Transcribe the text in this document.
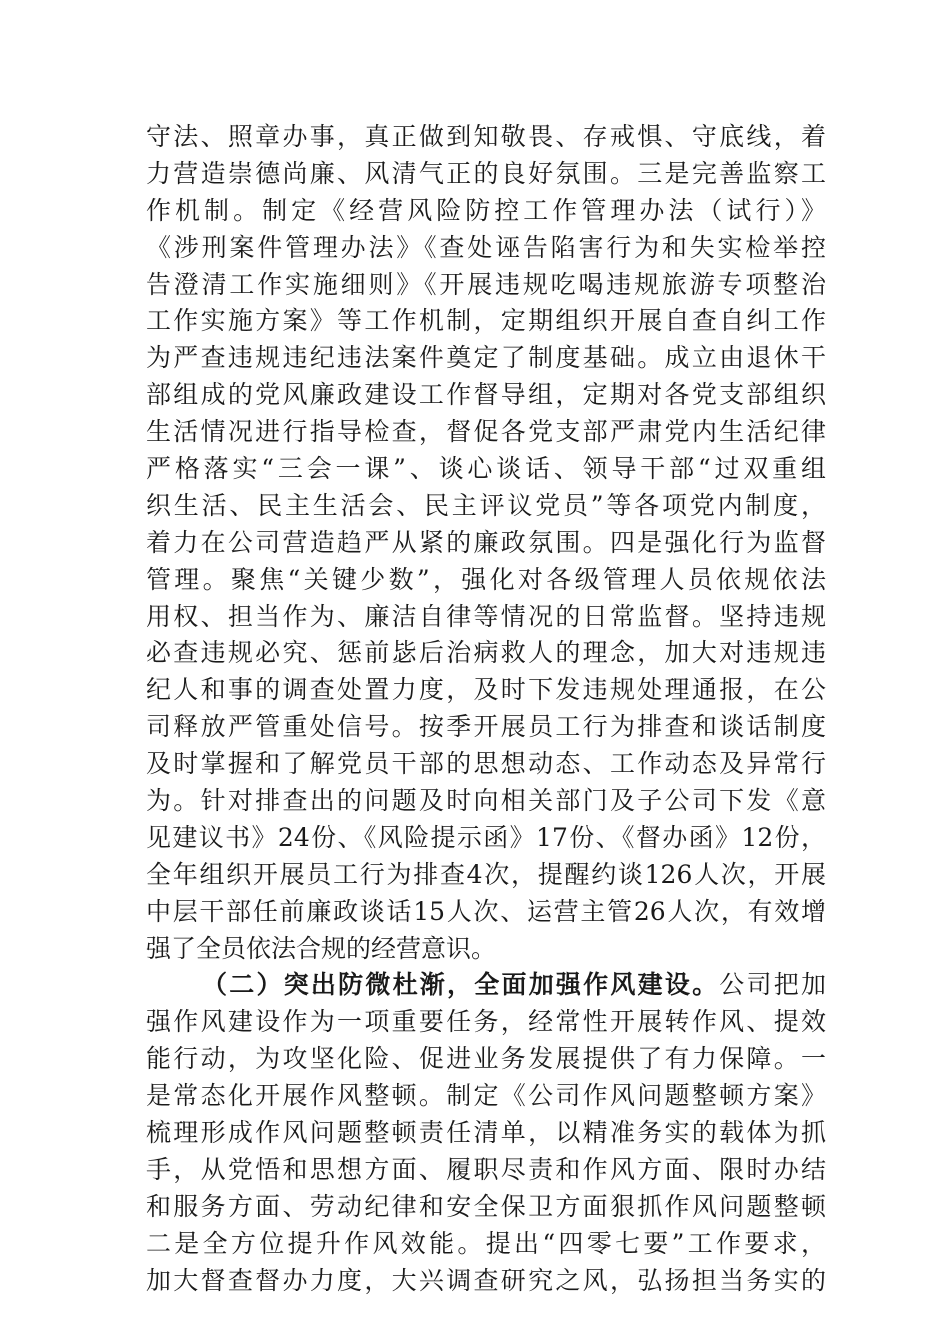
守法、照章办事，真正做到知敬畏、存戒惧、守底线，着
力营造崇德尚廉、风清气正的良好氛围。三是完善监察工
作机制。制定《经营风险防控工作管理办法（试行）》
《涉刑案件管理办法》《查处诬告陷害行为和失实检举控
告澄清工作实施细则》《开展违规吃喝违规旅游专项整治
工作实施方案》等工作机制，定期组织开展自查自纠工作
为严查违规违纪违法案件奠定了制度基础。成立由退休干
部组成的党风廉政建设工作督导组，定期对各党支部组织
生活情况进行指导检查，督促各党支部严肃党内生活纪律
严格落实“三会一课”、谈心谈话、领导干部“过双重组
织生活、民主生活会、民主评议党员”等各项党内制度，
着力在公司营造趋严从紧的廉政氛围。四是强化行为监督
管理。聚焦“关键少数”，强化对各级管理人员依规依法
用权、担当作为、廉洁自律等情况的日常监督。坚持违规
必查违规必究、惩前毖后治病救人的理念，加大对违规违
纪人和事的调查处置力度，及时下发违规处理通报，在公
司释放严管重处信号。按季开展员工行为排查和谈话制度
及时掌握和了解党员干部的思想动态、工作动态及异常行
为。针对排查出的问题及时向相关部门及子公司下发《意
见建议书》24份、《风险提示函》17份、《督办函》12份，
全年组织开展员工行为排查4次，提醒约谈126人次，开展
中层干部任前廉政谈话15人次、运营主管26人次，有效增
强了全员依法合规的经营意识。
（二）突出防微杜渐，全面加强作风建设。公司把加
强作风建设作为一项重要任务，经常性开展转作风、提效
能行动，为攻坚化险、促进业务发展提供了有力保障。一
是常态化开展作风整顿。制定《公司作风问题整顿方案》
梳理形成作风问题整顿责任清单，以精准务实的载体为抓
手，从党悟和思想方面、履职尽责和作风方面、限时办结
和服务方面、劳动纪律和安全保卫方面狠抓作风问题整顿
二是全方位提升作风效能。提出“四零七要”工作要求，
加大督查督办力度，大兴调查研究之风，弘扬担当务实的
